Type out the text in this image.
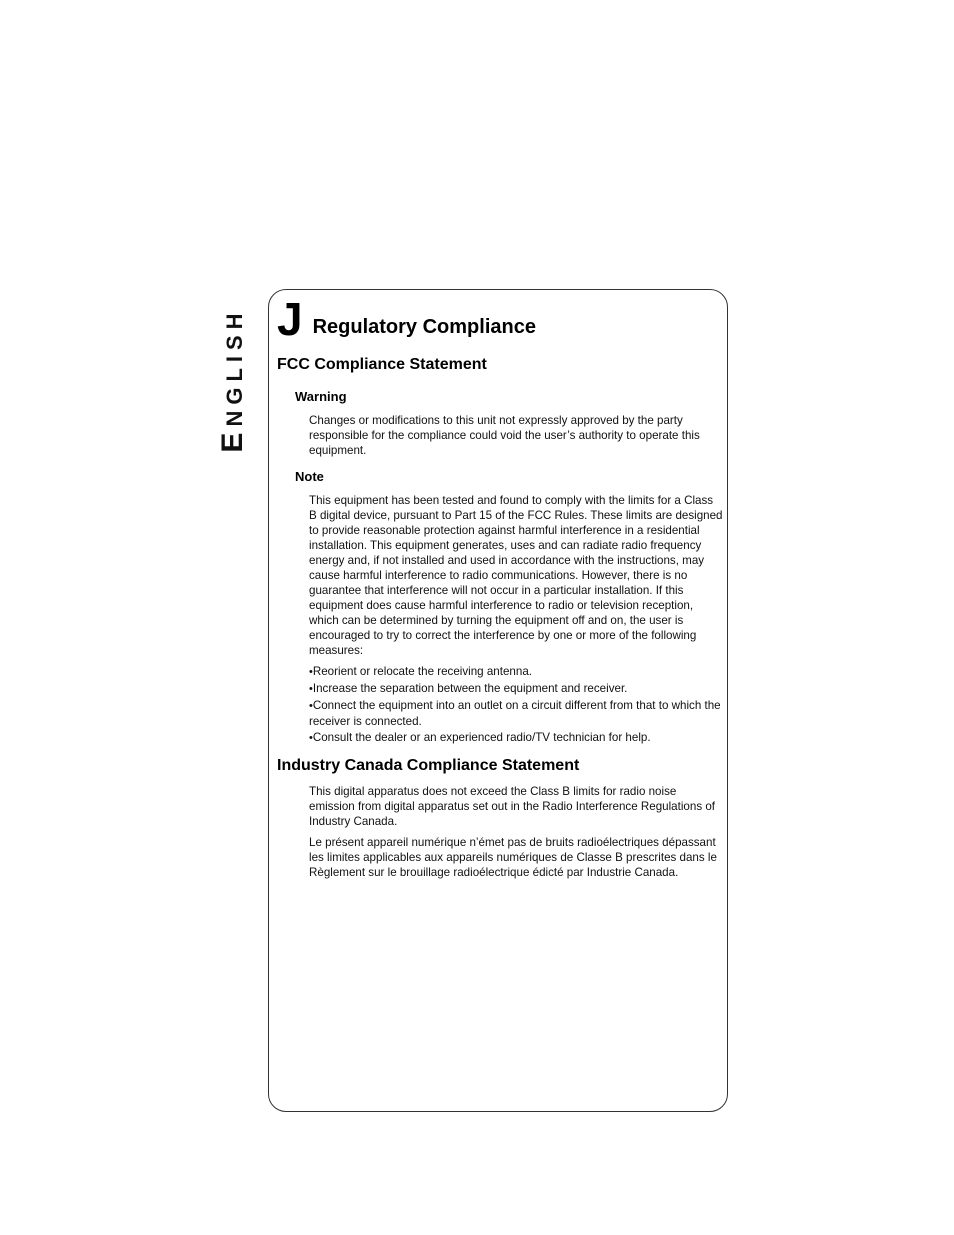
ENGLISH J Regulatory Compliance
FCC Compliance Statement
Warning

Changes or modifications to this unit not expressly approved by the party responsible for the compliance could void the user’s authority to operate this equipment.

Note

This equipment has been tested and found to comply with the limits for a Class B digital device, pursuant to Part 15 of the FCC Rules. These limits are designed to provide reasonable protection against harmful interference in a residential installation. This equipment generates, uses and can radiate radio frequency energy and, if not installed and used in accordance with the instructions, may cause harmful interference to radio communications. However, there is no guarantee that interference will not occur in a particular installation. If this equipment does cause harmful interference to radio or television reception, which can be determined by turning the equipment off and on, the user is encouraged to try to correct the interference by one or more of the following measures:

•Reorient or relocate the receiving antenna.
•Increase the separation between the equipment and receiver.
•Connect the equipment into an outlet on a circuit different from that to which the receiver is connected.
•Consult the dealer or an experienced radio/TV technician for help.
Industry Canada Compliance Statement

This digital apparatus does not exceed the Class B limits for radio noise emission from digital apparatus set out in the Radio Interference Regulations of Industry Canada.

Le présent appareil numérique n’émet pas de bruits radioélectriques dépassant les limites applicables aux appareils numériques de Classe B prescrites dans le Règlement sur le brouillage radioélectrique édicté par Industrie Canada.
